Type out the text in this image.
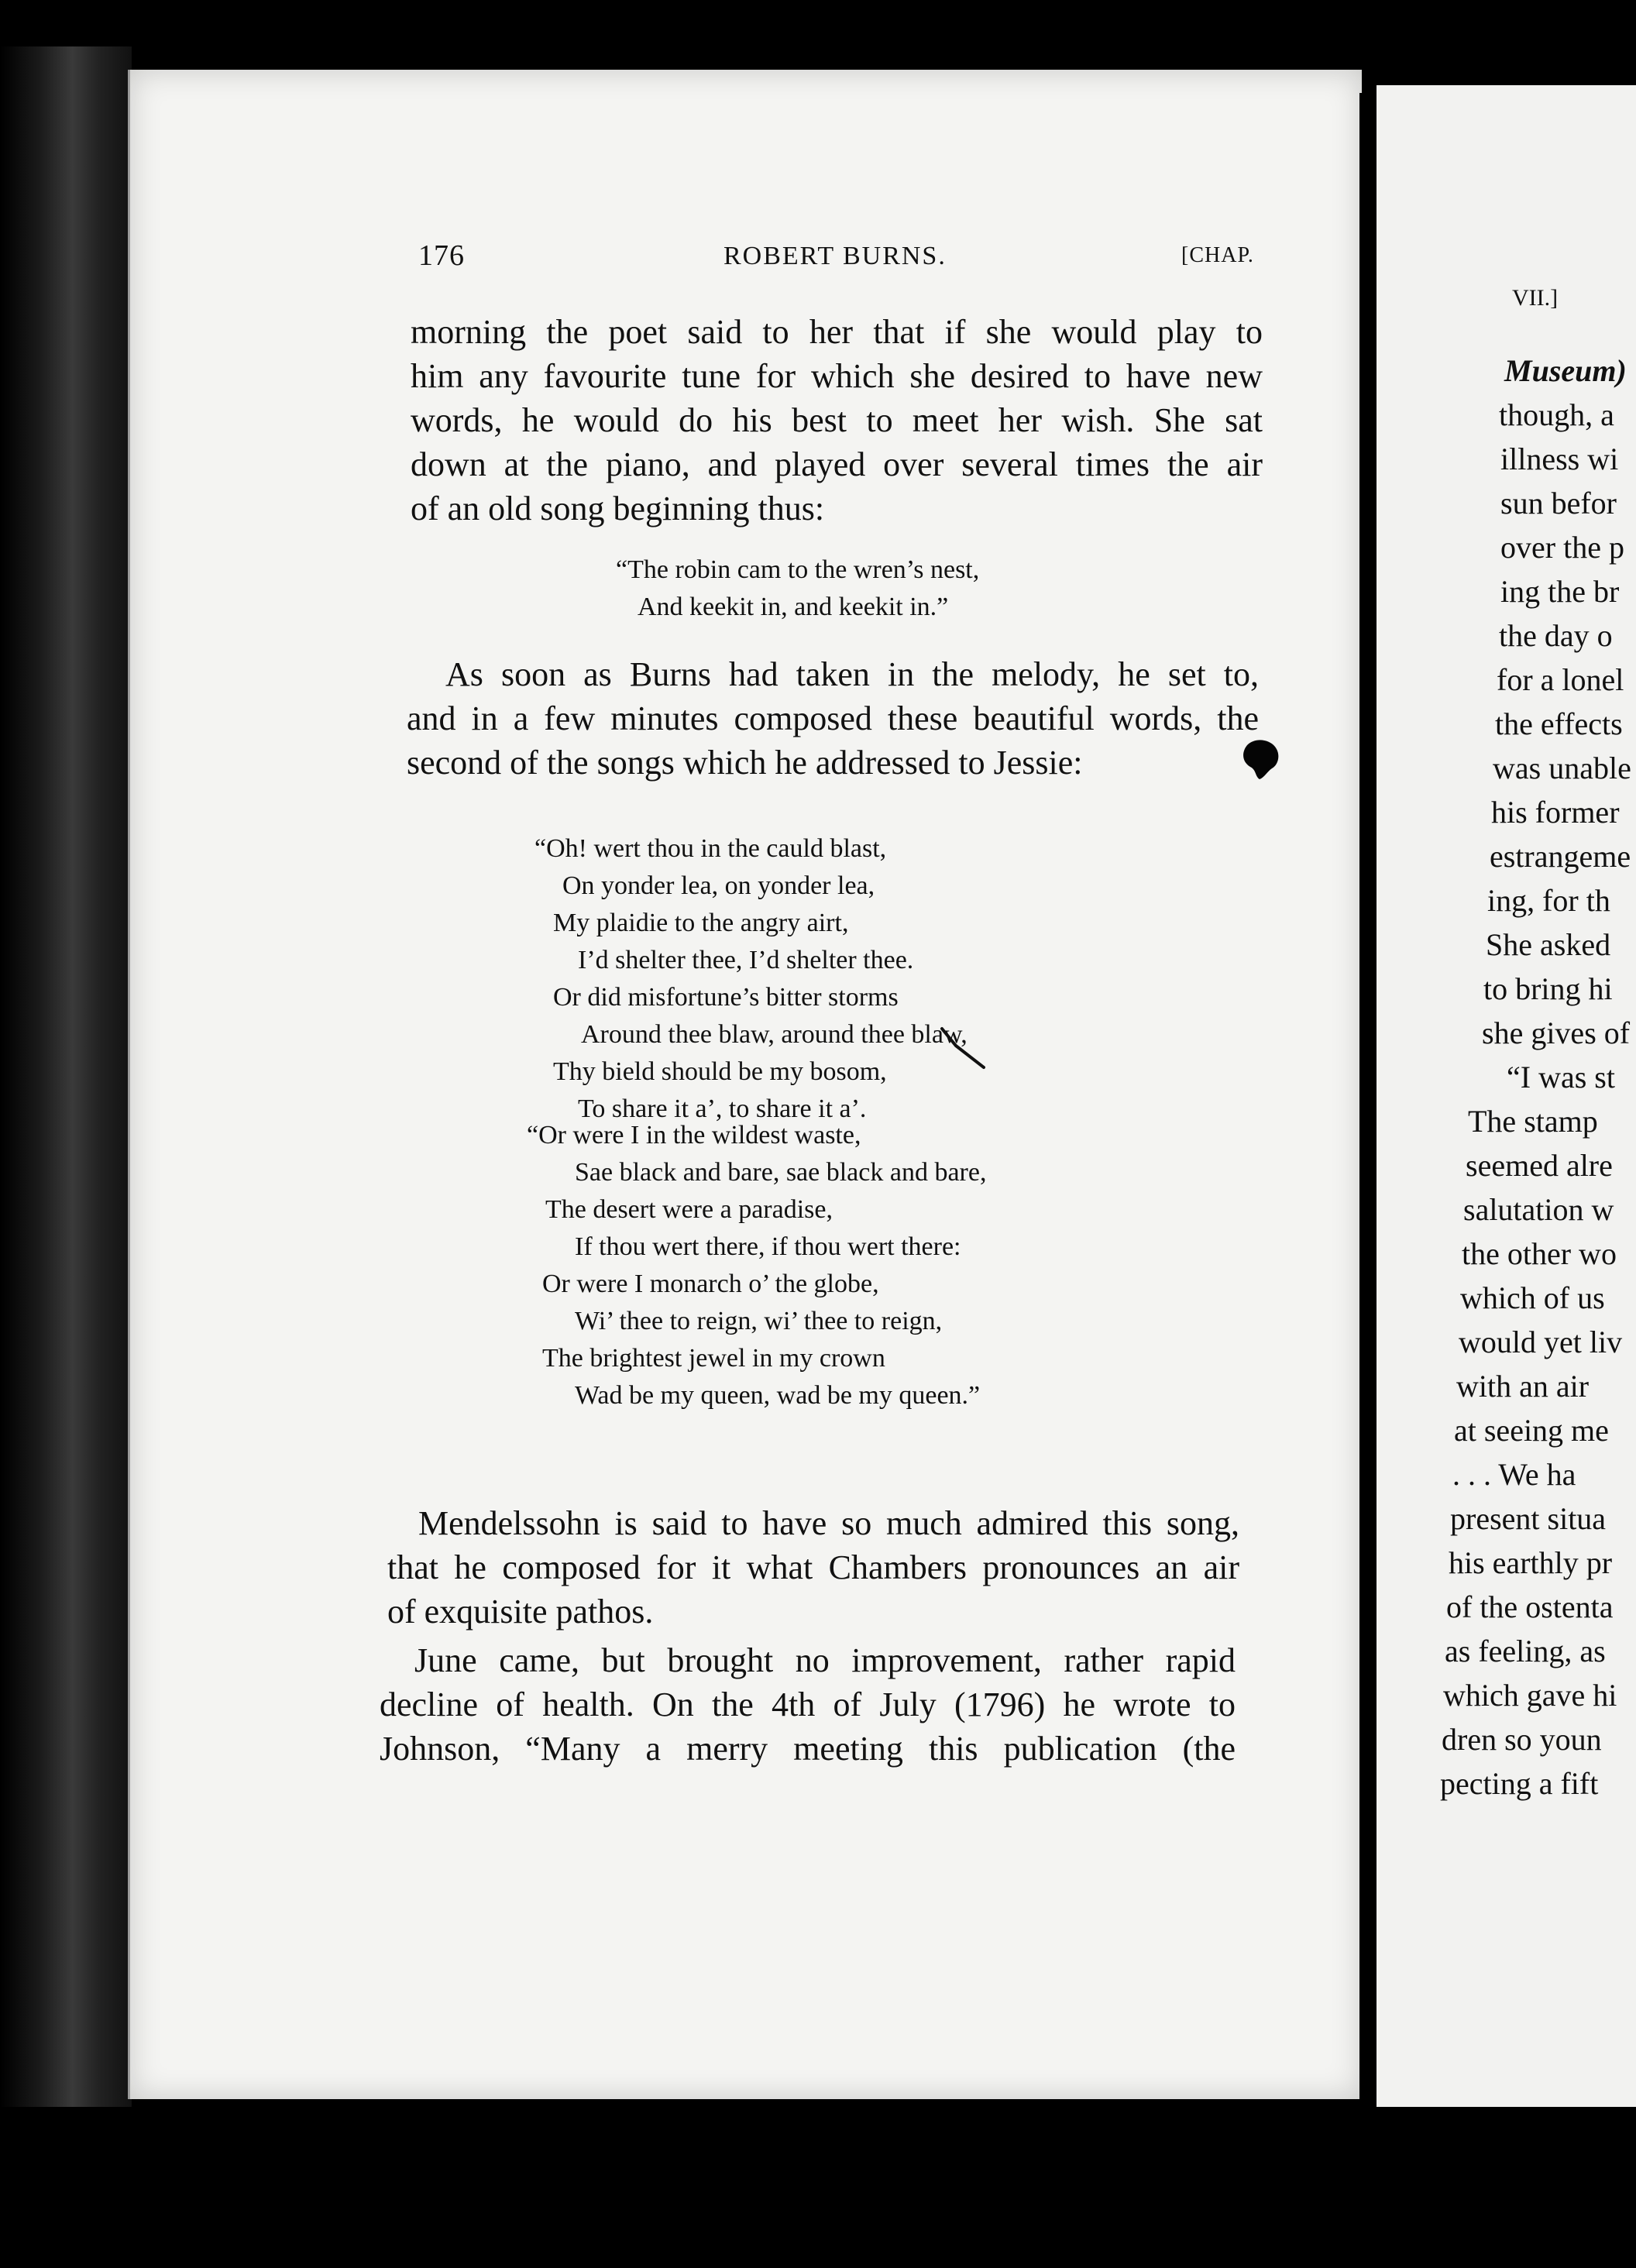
176	ROBERT BURNS.	[CHAP.
morning the poet said to her that if she would play to
him any favourite tune for which she desired to have new
words, he would do his best to meet her wish. She sat
down at the piano, and played over several times the air
of an old song beginning thus:
“The robin cam to the wren’s nest,
And keekit in, and keekit in.”
As soon as Burns had taken in the melody, he set to,
and in a few minutes composed these beautiful words, the
second of the songs which he addressed to Jessie:
“Oh! wert thou in the cauld blast,
On yonder lea, on yonder lea,
My plaidie to the angry airt,
I’d shelter thee, I’d shelter thee.
Or did misfortune’s bitter storms
Around thee blaw, around thee blaw,
Thy bield should be my bosom,
To share it a’, to share it a’.
“Or were I in the wildest waste,
Sae black and bare, sae black and bare,
The desert were a paradise,
If thou wert there, if thou wert there:
Or were I monarch o’ the globe,
Wi’ thee to reign, wi’ thee to reign,
The brightest jewel in my crown
Wad be my queen, wad be my queen.”
Mendelssohn is said to have so much admired this song,
that he composed for it what Chambers pronounces an air
of exquisite pathos.
June came, but brought no improvement, rather rapid
decline of health. On the 4th of July (1796) he wrote to
Johnson, “Many a merry meeting this publication (the
VII.]
Museum)
though, a
illness wi
sun befor
over the p
ing the br
the day o
for a lonel
the effects
was unable
his former
estrangeme
ing, for th
She asked
to bring hi
she gives of
“I was st
The stamp
seemed alre
salutation w
the other wo
which of us
would yet liv
with an air
at seeing me
. . . We ha
present situa
his earthly pr
of the ostenta
as feeling, as
which gave hi
dren so youn
pecting a fift
